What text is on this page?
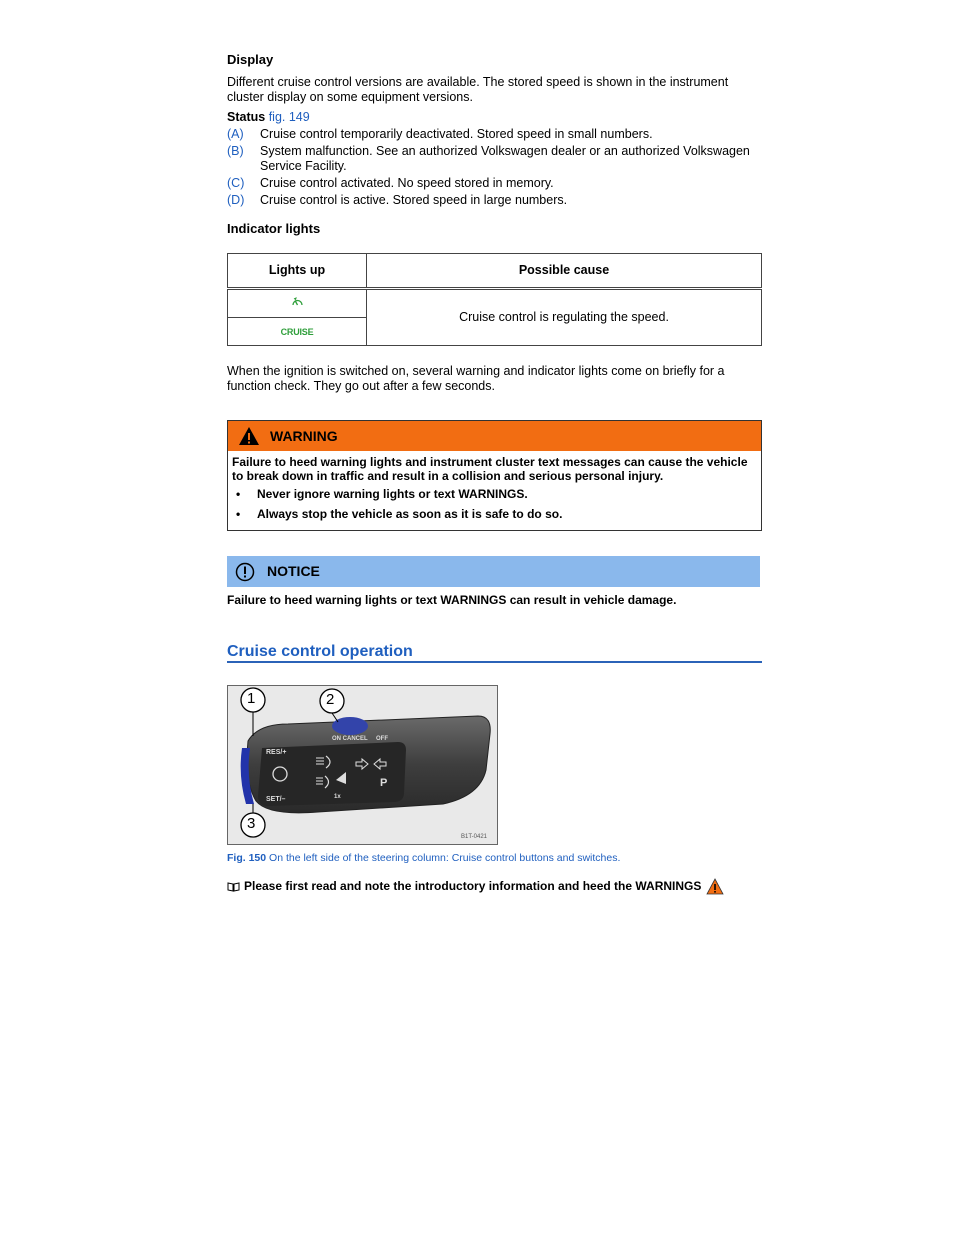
Display

Different cruise control versions are available. The stored speed is shown in the instrument cluster display on some equipment versions.

Status fig. 149

(A)	Cruise control temporarily deactivated. Stored speed in small numbers.
(B)	System malfunction. See an authorized Volkswagen dealer or an authorized Volkswagen Service Facility.
(C)	Cruise control activated. No speed stored in memory.
(D)	Cruise control is active. Stored speed in large numbers.
Indicator lights
Lights up	Possible cause
	Cruise control is regulating the speed.
CRUISE	

When the ignition is switched on, several warning and indicator lights come on briefly for a function check. They go out after a few seconds.

WARNING

Failure to heed warning lights and instrument cluster text messages can cause the vehicle to break down in traffic and result in a collision and serious personal injury.

•	Never ignore warning lights or text WARNINGS.
•	Always stop the vehicle as soon as it is safe to do so.
NOTICE

Failure to heed warning lights or text WARNINGS can result in vehicle damage.

Cruise control operation
1	2
3
RES/+
SET/–
ON CANCEL OFF
1x
P
B1T-0421

Fig. 150 On the left side of the steering column: Cruise control buttons and switches.

Please first read and note the introductory information and heed the WARNINGS
